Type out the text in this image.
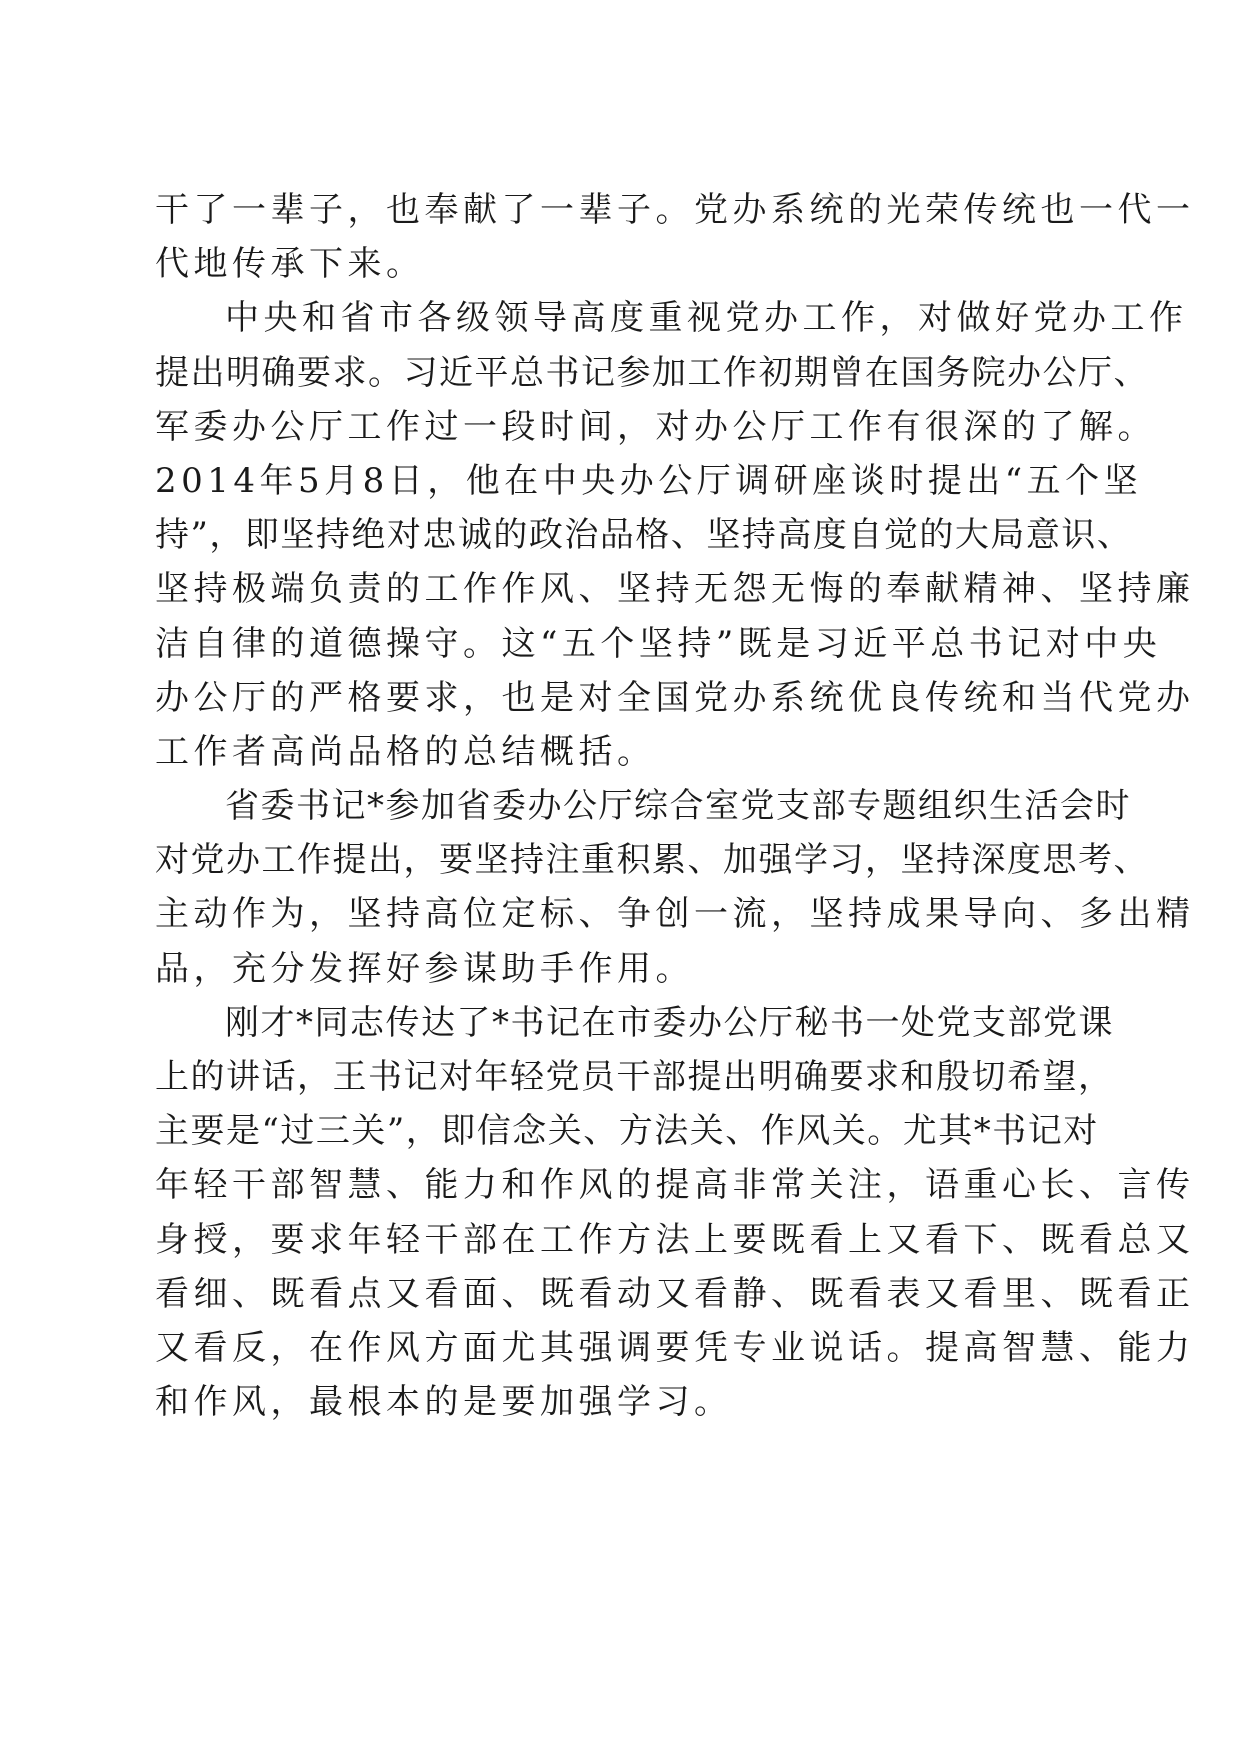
干了一辈子，也奉献了一辈子。党办系统的光荣传统也一代一
代地传承下来。
中央和省市各级领导高度重视党办工作，对做好党办工作
提出明确要求。习近平总书记参加工作初期曾在国务院办公厅、
军委办公厅工作过一段时间，对办公厅工作有很深的了解。
2014年5月8日，他在中央办公厅调研座谈时提出“五个坚
持”，即坚持绝对忠诚的政治品格、坚持高度自觉的大局意识、
坚持极端负责的工作作风、坚持无怨无悔的奉献精神、坚持廉
洁自律的道德操守。这“五个坚持”既是习近平总书记对中央
办公厅的严格要求，也是对全国党办系统优良传统和当代党办
工作者高尚品格的总结概括。
省委书记*参加省委办公厅综合室党支部专题组织生活会时
对党办工作提出，要坚持注重积累、加强学习，坚持深度思考、
主动作为，坚持高位定标、争创一流，坚持成果导向、多出精
品，充分发挥好参谋助手作用。
刚才*同志传达了*书记在市委办公厅秘书一处党支部党课
上的讲话，王书记对年轻党员干部提出明确要求和殷切希望，
主要是“过三关”，即信念关、方法关、作风关。尤其*书记对
年轻干部智慧、能力和作风的提高非常关注，语重心长、言传
身授，要求年轻干部在工作方法上要既看上又看下、既看总又
看细、既看点又看面、既看动又看静、既看表又看里、既看正
又看反，在作风方面尤其强调要凭专业说话。提高智慧、能力
和作风，最根本的是要加强学习。
